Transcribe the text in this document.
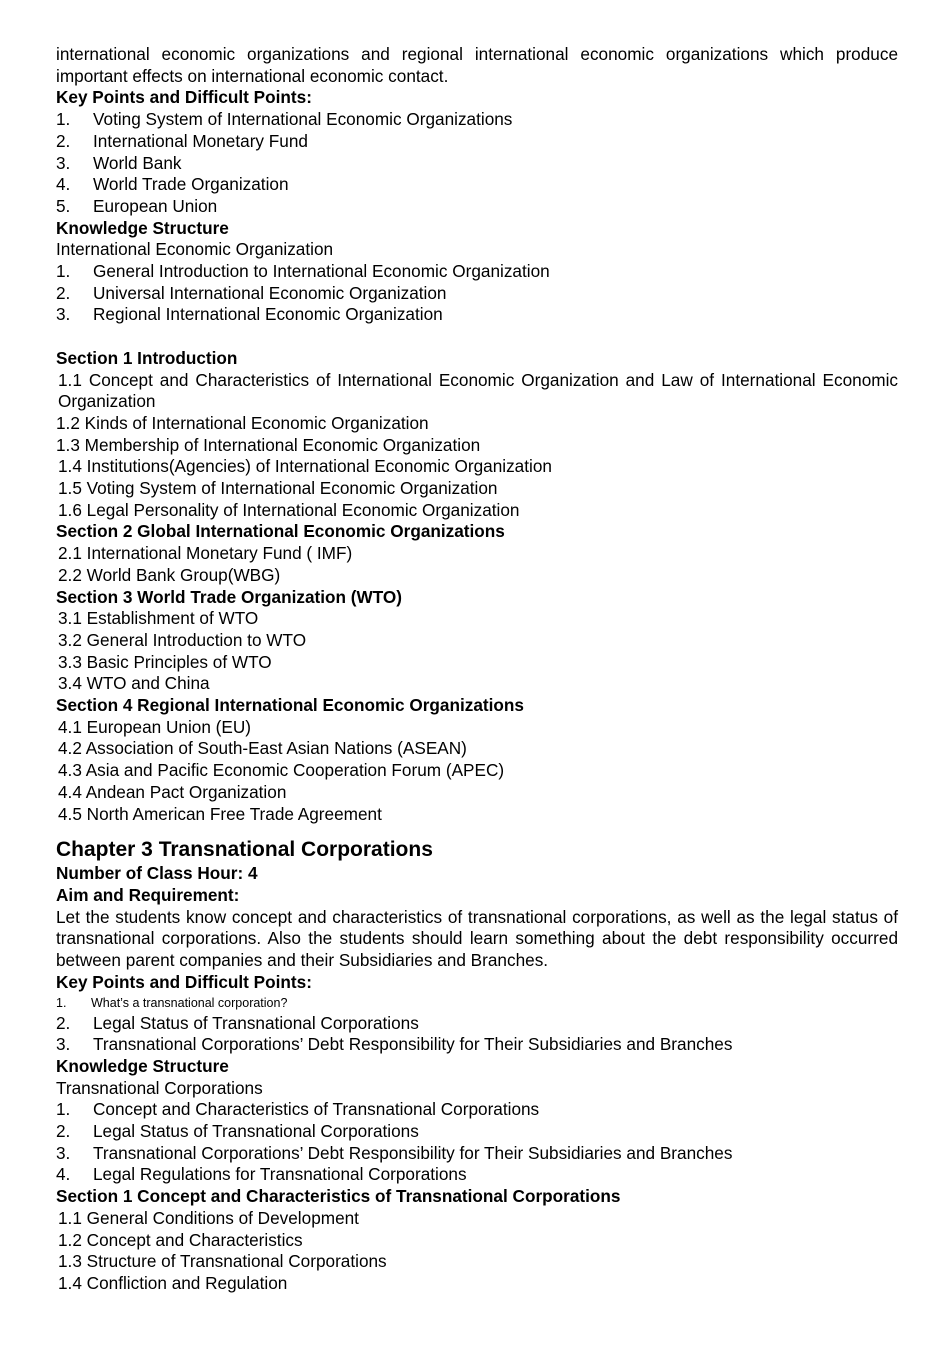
international economic organizations and regional international economic organizations which produce important effects on international economic contact.

Key Points and Difficult Points:

1.	Voting System of International Economic Organizations
2.	International Monetary Fund
3.	World Bank
4.	World Trade Organization
5.	European Union

Knowledge Structure

International Economic Organization

1.	General Introduction to International Economic Organization
2.	Universal International Economic Organization
3.	Regional International Economic Organization

Section 1 Introduction

1.1 Concept and Characteristics of International Economic Organization and Law of International Economic Organization

1.2 Kinds of International Economic Organization

1.3 Membership of International Economic Organization

1.4 Institutions(Agencies) of International Economic Organization

1.5 Voting System of International Economic Organization

1.6 Legal Personality of International Economic Organization

Section 2 Global International Economic Organizations

2.1 International Monetary Fund ( IMF)

2.2 World Bank Group(WBG)

Section 3 World Trade Organization (WTO)

3.1 Establishment of WTO

3.2 General Introduction to WTO

3.3 Basic Principles of WTO

3.4 WTO and China

Section 4 Regional International Economic Organizations

4.1 European Union (EU)

4.2 Association of South-East Asian Nations (ASEAN)

4.3 Asia and Pacific Economic Cooperation Forum (APEC)

4.4 Andean Pact Organization

4.5 North American Free Trade Agreement

Chapter 3 Transnational Corporations

Number of Class Hour: 4

Aim and Requirement:

Let the students know concept and characteristics of transnational corporations, as well as the legal status of transnational corporations. Also the students should learn something about the debt responsibility occurred between parent companies and their Subsidiaries and Branches.

Key Points and Difficult Points:

1.	What’s a transnational corporation?
2.	Legal Status of Transnational Corporations
3.	Transnational Corporations’ Debt Responsibility for Their Subsidiaries and Branches

Knowledge Structure

Transnational Corporations

1.	Concept and Characteristics of Transnational Corporations
2.	Legal Status of Transnational Corporations
3.	Transnational Corporations’ Debt Responsibility for Their Subsidiaries and Branches
4.	Legal Regulations for Transnational Corporations

Section 1 Concept and Characteristics of Transnational Corporations

1.1 General Conditions of Development

1.2 Concept and Characteristics

1.3 Structure of Transnational Corporations

1.4 Confliction and Regulation
